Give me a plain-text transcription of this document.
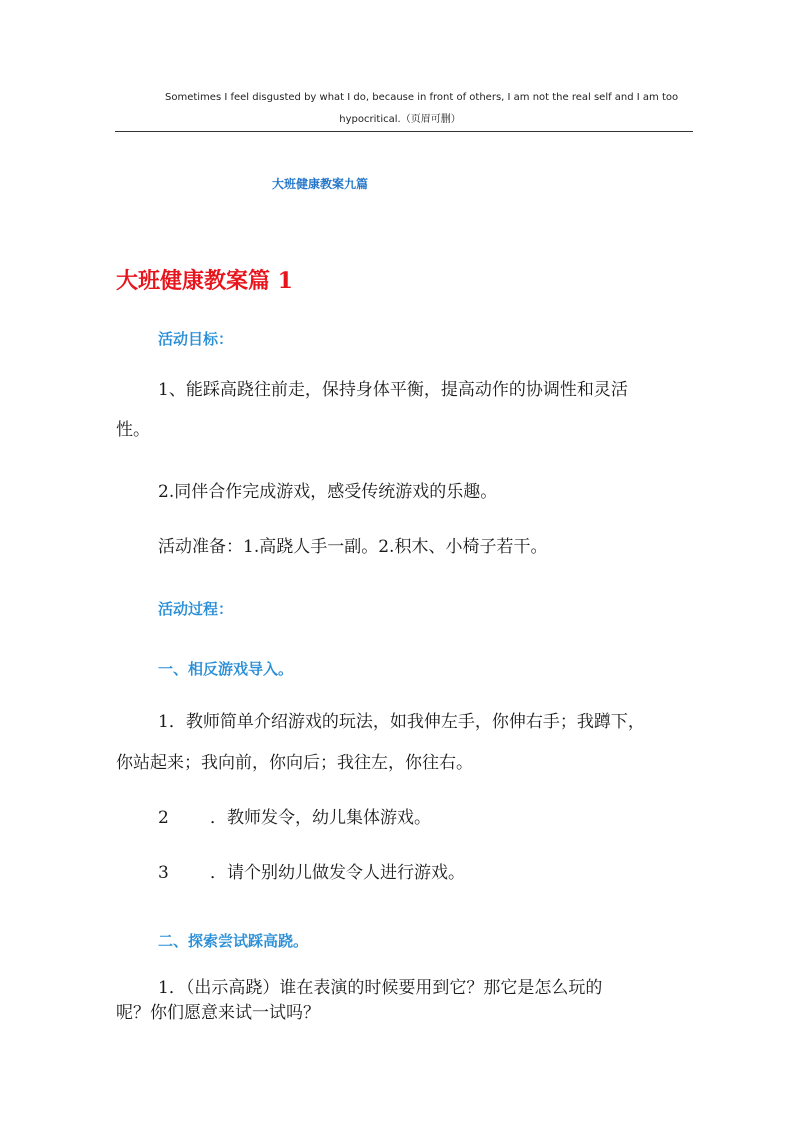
Sometimes I feel disgusted by what I do, because in front of others, I am not the real self and I am too
hypocritical.（页眉可删）
大班健康教案九篇
大班健康教案篇 1
活动目标：
1、能踩高跷往前走，保持身体平衡，提高动作的协调性和灵活
性。
2.同伴合作完成游戏，感受传统游戏的乐趣。
活动准备：1.高跷人手一副。2.积木、小椅子若干。
活动过程：
一、相反游戏导入。
1．教师简单介绍游戏的玩法，如我伸左手，你伸右手；我蹲下，
你站起来；我向前，你向后；我往左，你往右。
2 ．教师发令，幼儿集体游戏。
3 ．请个别幼儿做发令人进行游戏。
二、探索尝试踩高跷。
1．（出示高跷）谁在表演的时候要用到它？那它是怎么玩的
呢？你们愿意来试一试吗？
